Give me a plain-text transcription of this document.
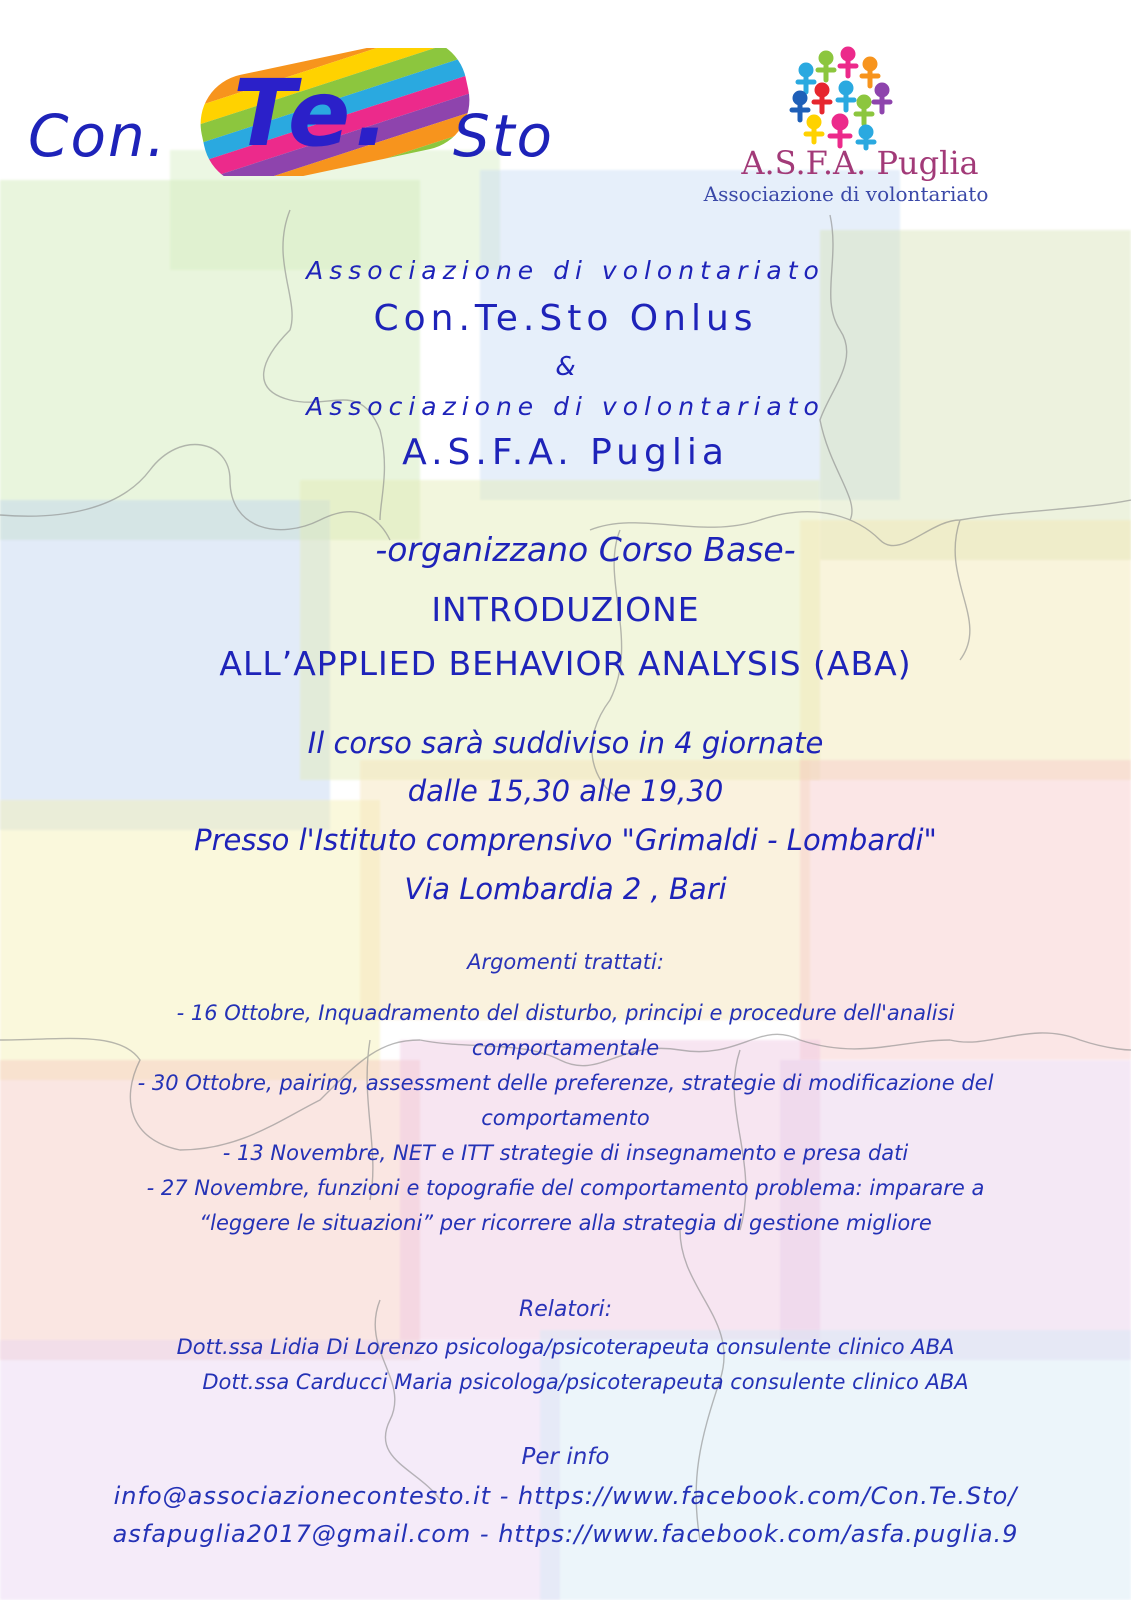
Con. Te. Sto	A.S.F.A. Puglia
Associazione di volontariato
Associazione di volontariato
Con.Te.Sto Onlus
&
Associazione di volontariato
A.S.F.A. Puglia
-organizzano Corso Base-
INTRODUZIONE
ALL’APPLIED BEHAVIOR ANALYSIS (ABA)
Il corso sarà suddiviso in 4 giornate
dalle 15,30 alle 19,30
Presso l'Istituto comprensivo "Grimaldi - Lombardi"
Via Lombardia 2 , Bari
Argomenti trattati:
- 16 Ottobre, Inquadramento del disturbo, principi e procedure dell'analisi
comportamentale
- 30 Ottobre, pairing, assessment delle preferenze, strategie di modificazione del
comportamento
- 13 Novembre, NET e ITT strategie di insegnamento e presa dati
- 27 Novembre, funzioni e topografie del comportamento problema: imparare a
“leggere le situazioni” per ricorrere alla strategia di gestione migliore
Relatori:
Dott.ssa Lidia Di Lorenzo psicologa/psicoterapeuta consulente clinico ABA
Dott.ssa Carducci Maria psicologa/psicoterapeuta consulente clinico ABA
Per info
info@associazionecontesto.it - https://www.facebook.com/Con.Te.Sto/
asfapuglia2017@gmail.com - https://www.facebook.com/asfa.puglia.9
